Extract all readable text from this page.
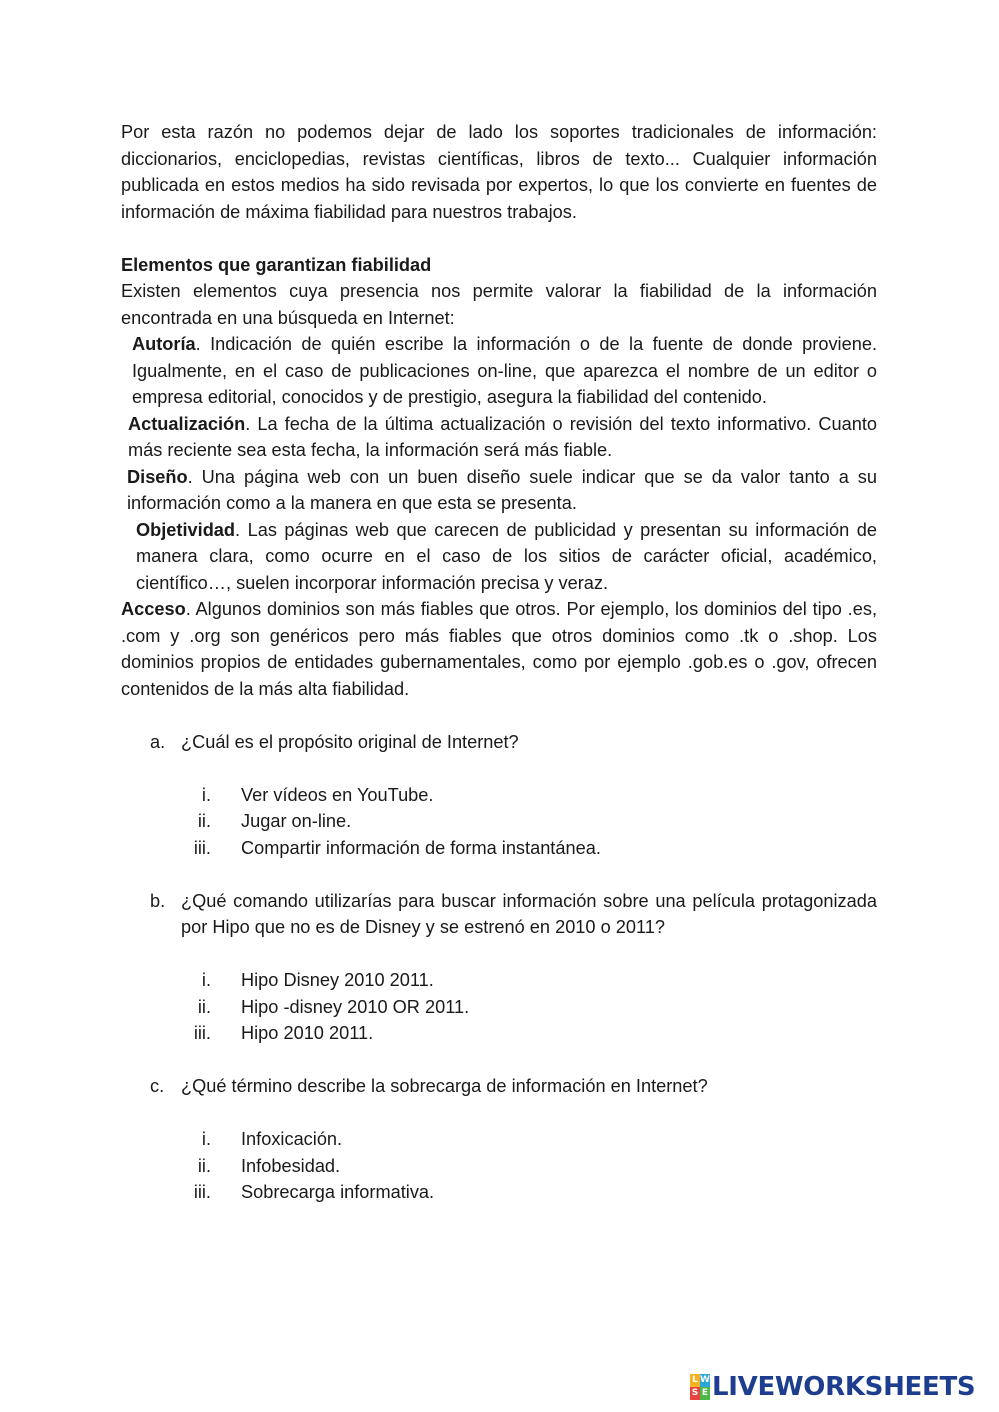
Por esta razón no podemos dejar de lado los soportes tradicionales de información: diccionarios, enciclopedias, revistas científicas, libros de texto... Cualquier información publicada en estos medios ha sido revisada por expertos, lo que los convierte en fuentes de información de máxima fiabilidad para nuestros trabajos.

Elementos que garantizan fiabilidad

Existen elementos cuya presencia nos permite valorar la fiabilidad de la información encontrada en una búsqueda en Internet:

Autoría. Indicación de quién escribe la información o de la fuente de donde proviene. Igualmente, en el caso de publicaciones on-line, que aparezca el nombre de un editor o empresa editorial, conocidos y de prestigio, asegura la fiabilidad del contenido.

Actualización. La fecha de la última actualización o revisión del texto informativo. Cuanto más reciente sea esta fecha, la información será más fiable.

Diseño. Una página web con un buen diseño suele indicar que se da valor tanto a su información como a la manera en que esta se presenta.

Objetividad. Las páginas web que carecen de publicidad y presentan su información de manera clara, como ocurre en el caso de los sitios de carácter oficial, académico, científico…, suelen incorporar información precisa y veraz.

Acceso. Algunos dominios son más fiables que otros. Por ejemplo, los dominios del tipo .es, .com y .org son genéricos pero más fiables que otros dominios como .tk o .shop. Los dominios propios de entidades gubernamentales, como por ejemplo .gob.es o .gov, ofrecen contenidos de la más alta fiabilidad.

a. ¿Cuál es el propósito original de Internet?

i. Ver vídeos en YouTube.
ii. Jugar on-line.
iii. Compartir información de forma instantánea.

b. ¿Qué comando utilizarías para buscar información sobre una película protagonizada por Hipo que no es de Disney y se estrenó en 2010 o 2011?

i. Hipo Disney 2010 2011.
ii. Hipo -disney 2010 OR 2011.
iii. Hipo 2010 2011.

c. ¿Qué término describe la sobrecarga de información en Internet?

i. Infoxicación.
ii. Infobesidad.
iii. Sobrecarga informativa.
L W
S E LIVEWORKSHEETS
